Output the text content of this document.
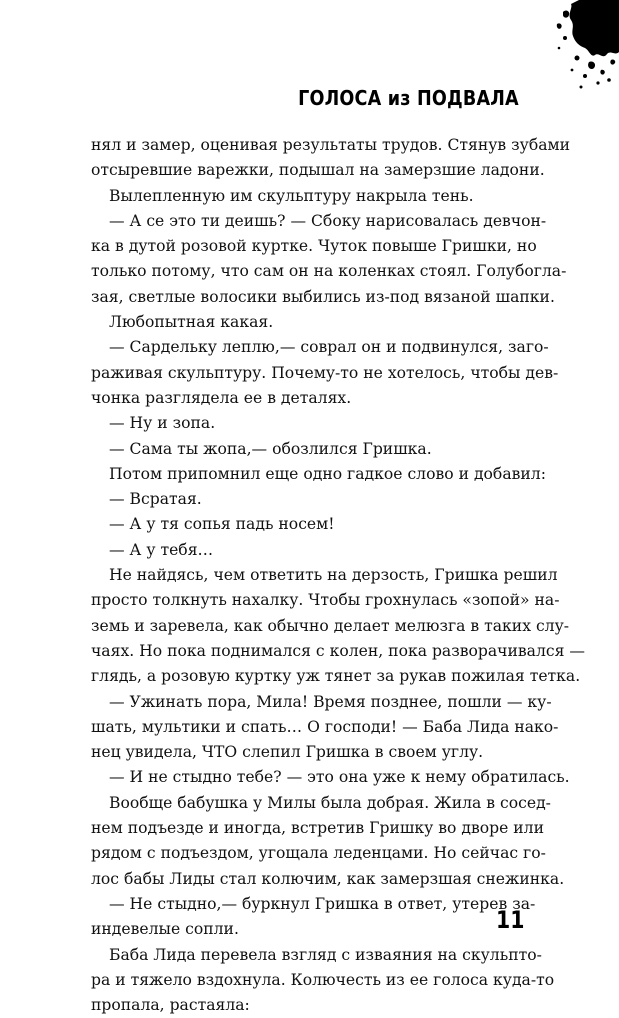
ГОЛОСА из ПОДВАЛА
нял и замер, оценивая результаты трудов. Стянув зубами
отсыревшие варежки, подышал на замерзшие ладони.
Вылепленную им скульптуру накрыла тень.
— А се это ти деишь? — Сбоку нарисовалась девчон-
ка в дутой розовой куртке. Чуток повыше Гришки, но
только потому, что сам он на коленках стоял. Голубогла-
зая, светлые волосики выбились из-под вязаной шапки.
Любопытная какая.
— Сардельку леплю,— соврал он и подвинулся, заго-
раживая скульптуру. Почему-то не хотелось, чтобы дев-
чонка разглядела ее в деталях.
— Ну и зопа.
— Сама ты жопа,— обозлился Гришка.
Потом припомнил еще одно гадкое слово и добавил:
— Всратая.
— А у тя сопья падь носем!
— А у тебя…
Не найдясь, чем ответить на дерзость, Гришка решил
просто толкнуть нахалку. Чтобы грохнулась «зопой» на-
земь и заревела, как обычно делает мелюзга в таких слу-
чаях. Но пока поднимался с колен, пока разворачивался —
глядь, а розовую куртку уж тянет за рукав пожилая тетка.
— Ужинать пора, Мила! Время позднее, пошли — ку-
шать, мультики и спать… О господи! — Баба Лида нако-
нец увидела, ЧТО слепил Гришка в своем углу.
— И не стыдно тебе? — это она уже к нему обратилась.
Вообще бабушка у Милы была добрая. Жила в сосед-
нем подъезде и иногда, встретив Гришку во дворе или
рядом с подъездом, угощала леденцами. Но сейчас го-
лос бабы Лиды стал колючим, как замерзшая снежинка.
— Не стыдно,— буркнул Гришка в ответ, утерев за-
индевелые сопли.
Баба Лида перевела взгляд с изваяния на скульпто-
ра и тяжело вздохнула. Колючесть из ее голоса куда-то
пропала, растаяла:
11
